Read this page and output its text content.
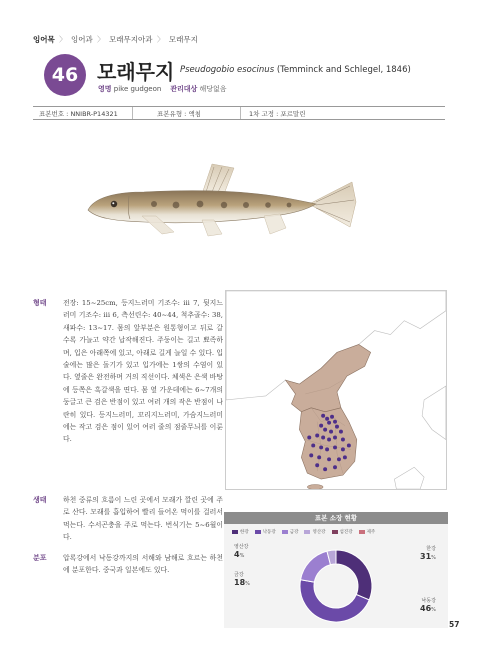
잉어목 〉 잉어과 〉 모래무지아과 〉 모래무지
46 모래무지 Pseudogobio esocinus (Temminck and Schlegel, 1846)
영명 pike gudgeon 관리대상 해당없음
표본번호 : NNIBR-P14321	표본유형 : 액침	1차 고정 : 포르말린
형태 전장: 15~25cm, 등지느러미 기조수: iii 7, 뒷지느러미 기조수: iii 6, 측선린수: 40~44, 척추골수: 38, 새파수: 13~17. 몸의 앞부분은 원통형이고 뒤로 갈수록 가늘고 약간 납작해진다. 주둥이는 길고 뾰족하며, 입은 아래쪽에 있고, 아래로 길게 늘일 수 있다. 입술에는 많은 돌기가 있고 입가에는 1쌍의 수염이 있다. 옆줄은 완전하며 거의 직선이다. 체색은 은색 바탕에 등쪽은 흑갈색을 띤다. 몸 옆 가운데에는 6~7개의 둥글고 큰 검은 반점이 있고 여러 개의 작은 반점이 나란히 있다. 등지느러미, 꼬리지느러미, 가슴지느러미에는 작고 검은 점이 있어 여러 줄의 점줄무늬를 이룬다.
생태 하천 중류의 흐름이 느린 곳에서 모래가 깔린 곳에 주로 산다. 모래를 흡입하여 빨리 들어온 먹이를 걸러서 먹는다. 수서곤충을 주로 먹는다. 번식기는 5~6월이다.
분포 압록강에서 낙동강까지의 서해와 남해로 흐르는 하천에 분포한다. 중국과 일본에도 있다.
표본 소장 현황
한강	낙동강	금강	영산강	섬진강	제주
영산강
4%
금강
18%
한강
31%
낙동강
46%
57
